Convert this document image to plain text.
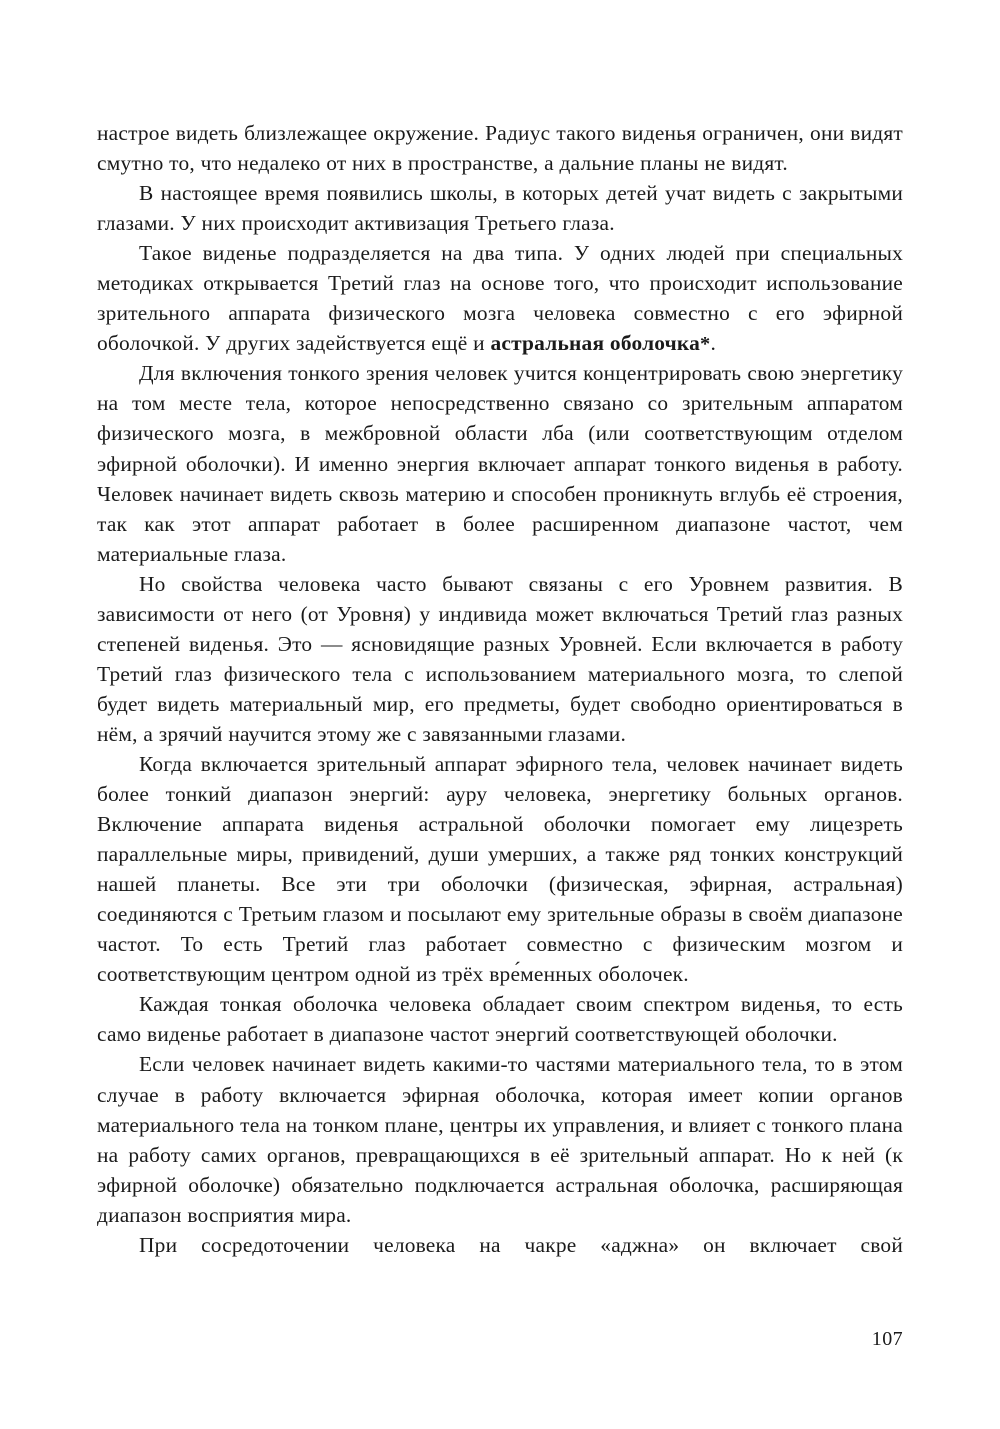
настрое видеть близлежащее окружение. Радиус такого виденья ограничен, они видят смутно то, что недалеко от них в пространстве, а дальние планы не видят.

В настоящее время появились школы, в которых детей учат видеть с закрытыми глазами. У них происходит активизация Третьего глаза.

Такое виденье подразделяется на два типа. У одних людей при специальных методиках открывается Третий глаз на основе того, что происходит использование зрительного аппарата физического мозга человека совместно с его эфирной оболочкой. У других задействуется ещё и астральная оболочка*.

Для включения тонкого зрения человек учится концентрировать свою энергетику на том месте тела, которое непосредственно связано со зрительным аппаратом физического мозга, в межбровной области лба (или соответствующим отделом эфирной оболочки). И именно энергия включает аппарат тонкого виденья в работу. Человек начинает видеть сквозь материю и способен проникнуть вглубь её строения, так как этот аппарат работает в более расширенном диапазоне частот, чем материальные глаза.

Но свойства человека часто бывают связаны с его Уровнем развития. В зависимости от него (от Уровня) у индивида может включаться Третий глаз разных степеней виденья. Это — ясновидящие разных Уровней. Если включается в работу Третий глаз физического тела с использованием материального мозга, то слепой будет видеть материальный мир, его предметы, будет свободно ориентироваться в нём, а зрячий научится этому же с завязанными глазами.

Когда включается зрительный аппарат эфирного тела, человек начинает видеть более тонкий диапазон энергий: ауру человека, энергетику больных органов. Включение аппарата виденья астральной оболочки помогает ему лицезреть параллельные миры, привидений, души умерших, а также ряд тонких конструкций нашей планеты. Все эти три оболочки (физическая, эфирная, астральная) соединяются с Третьим глазом и посылают ему зрительные образы в своём диапазоне частот. То есть Третий глаз работает совместно с физическим мозгом и соответствующим центром одной из трёх вре́менных оболочек.

Каждая тонкая оболочка человека обладает своим спектром виденья, то есть само виденье работает в диапазоне частот энергий соответствующей оболочки.

Если человек начинает видеть какими-то частями материального тела, то в этом случае в работу включается эфирная оболочка, которая имеет копии органов материального тела на тонком плане, центры их управления, и влияет с тонкого плана на работу самих органов, превращающихся в её зрительный аппарат. Но к ней (к эфирной оболочке) обязательно подключается астральная оболочка, расширяющая диапазон восприятия мира.

При сосредоточении человека на чакре «аджна» он включает свой

107
